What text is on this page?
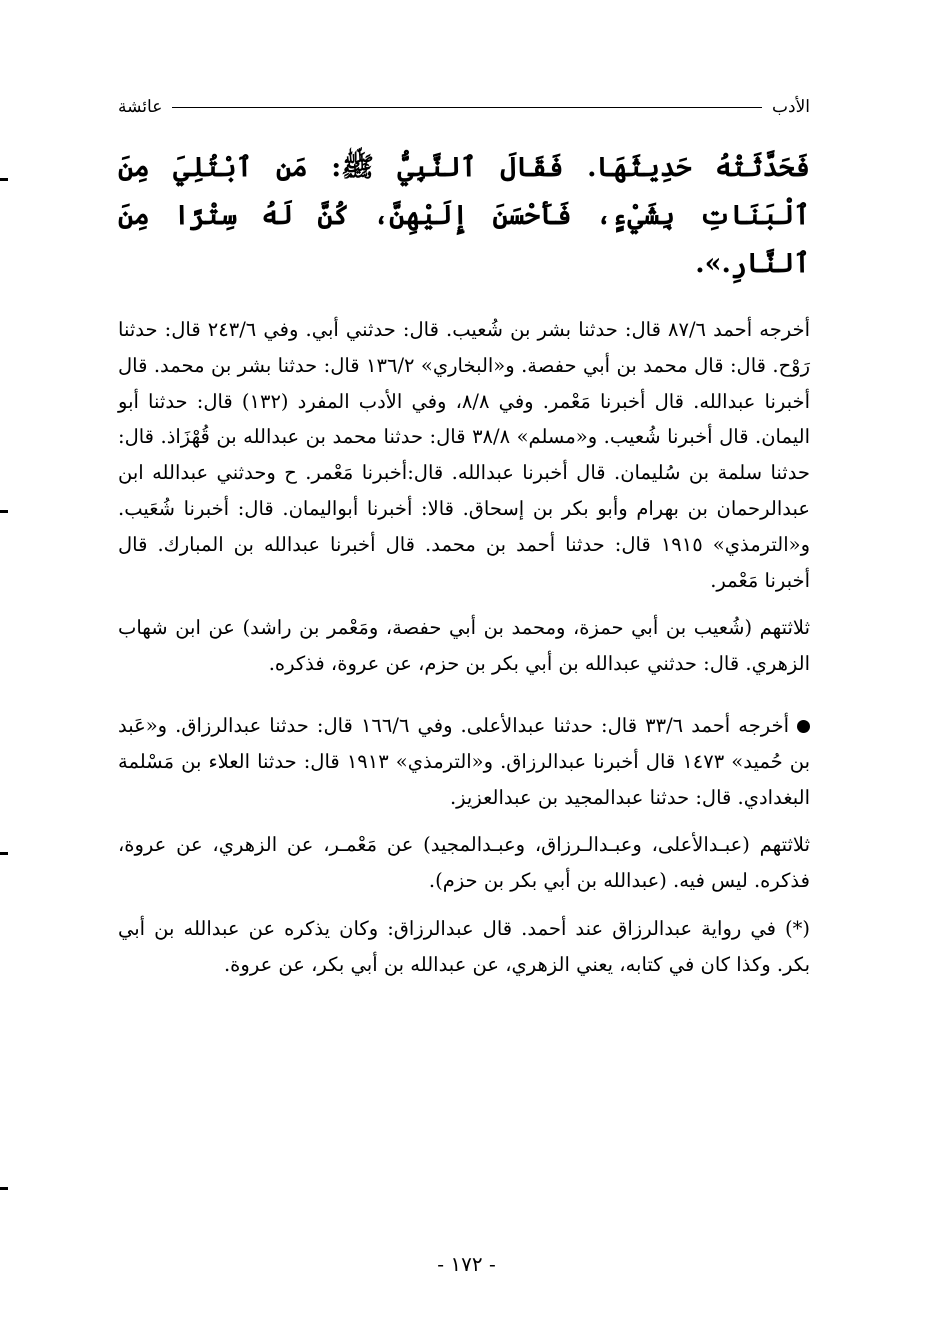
الأدب
عائشة

فَحَدَّثَتْهُ حَدِيثَهَا. فَقَالَ ٱلنَّبِيُّ ﷺ: مَنِ ٱبْتُلِيَ مِنَ ٱلْبَنَاتِ بِشَيْءٍ، فَأَحْسَنَ إِلَيْهِنَّ، كُنَّ لَهُ سِتْرًا مِنَ ٱلنَّارِ.».

أخرجه أحمد ٨٧/٦ قال: حدثنا بشر بن شُعيب. قال: حدثني أبي. وفي ٢٤٣/٦ قال: حدثنا رَوْح. قال: قال محمد بن أبي حفصة. و«البخاري» ١٣٦/٢ قال: حدثنا بشر بن محمد. قال أخبرنا عبدالله. قال أخبرنا مَعْمر. وفي ٨/٨، وفي الأدب المفرد (١٣٢) قال: حدثنا أبو اليمان. قال أخبرنا شُعيب. و«مسلم» ٣٨/٨ قال: حدثنا محمد بن عبدالله بن قُهْزَاذ. قال: حدثنا سلمة بن سُليمان. قال أخبرنا عبدالله. قال:أخبرنا مَعْمر. ح وحدثني عبدالله ابن عبدالرحمان بن بهرام وأبو بكر بن إسحاق. قالا: أخبرنا أبواليمان. قال: أخبرنا شُعَيب. و«الترمذي» ١٩١٥ قال: حدثنا أحمد بن محمد. قال أخبرنا عبدالله بن المبارك. قال أخبرنا مَعْمر.

ثلاثتهم (شُعيب بن أبي حمزة، ومحمد بن أبي حفصة، ومَعْمر بن راشد) عن ابن شهاب الزهري. قال: حدثني عبدالله بن أبي بكر بن حزم، عن عروة، فذكره.

أخرجه أحمد ٣٣/٦ قال: حدثنا عبدالأعلى. وفي ١٦٦/٦ قال: حدثنا عبدالرزاق. و«عَبد بن حُميد» ١٤٧٣ قال أخبرنا عبدالرزاق. و«الترمذي» ١٩١٣ قال: حدثنا العلاء بن مَسْلمة البغدادي. قال: حدثنا عبدالمجيد بن عبدالعزيز.

ثلاثتهم (عبـدالأعلى، وعبـدالـرزاق، وعبـدالمجيد) عن مَعْمـر، عن الزهري، عن عروة، فذكره. ليس فيه. (عبدالله بن أبي بكر بن حزم).

(*) في رواية عبدالرزاق عند أحمد. قال عبدالرزاق: وكان يذكره عن عبدالله بن أبي بكر. وكذا كان في كتابه، يعني الزهري، عن عبدالله بن أبي بكر، عن عروة.

- ١٧٢ -
